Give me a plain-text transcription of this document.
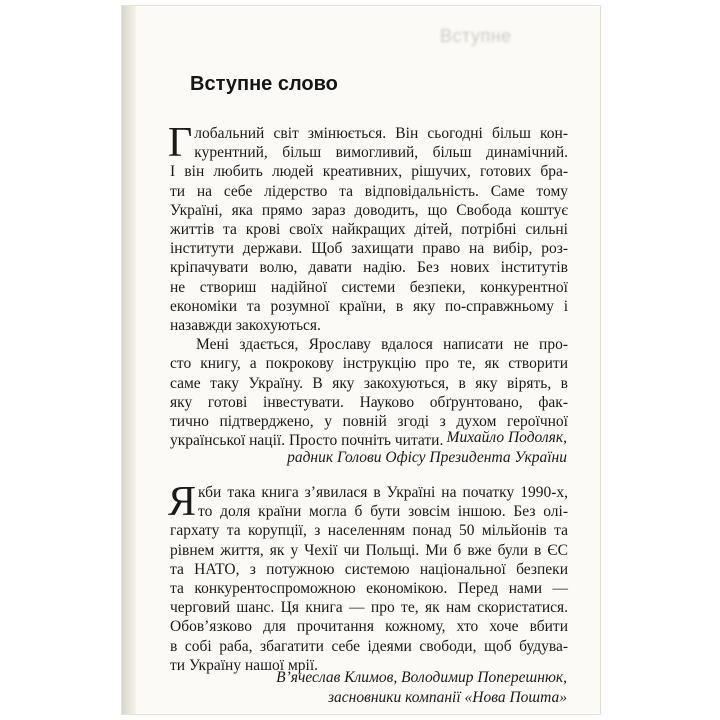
Вступне
Вступне слово
Г лобальний світ змінюється. Він сьогодні більш кон-
курентний, більш вимогливий, більш динамічний.
І він любить людей креативних, рішучих, готових бра-
ти на себе лідерство та відповідальність. Саме тому
Україні, яка прямо зараз доводить, що Свобода коштує
життів та крові своїх найкращих дітей, потрібні сильні
інститути держави. Щоб захищати право на вибір, роз-
кріпачувати волю, давати надію. Без нових інститутів
не створиш надійної системи безпеки, конкурентної
економіки та розумної країни, в яку по-справжньому і
назавжди закохуються.
Мені здається, Ярославу вдалося написати не про-
сто книгу, а покрокову інструкцію про те, як створити
саме таку Україну. В яку закохуються, в яку вірять, в
яку готові інвестувати. Науково обґрунтовано, фак-
тично підтверджено, у повній згоді з духом героїчної
української нації. Просто почніть читати. Михайло Подоляк,
радник Голови Офісу Президента України
Я кби така книга з’явилася в Україні на початку 1990-х,
то доля країни могла б бути зовсім іншою. Без олі-
гархату та корупції, з населенням понад 50 мільйонів та
рівнем життя, як у Чехії чи Польщі. Ми б вже були в ЄС
та НАТО, з потужною системою національної безпеки
та конкурентоспроможною економікою. Перед нами —
черговий шанс. Ця книга — про те, як нам скористатися.
Обов’язково для прочитання кожному, хто хоче вбити
в собі раба, збагатити себе ідеями свободи, щоб будува-
ти Україну нашої мрії.
В’ячеслав Климов, Володимир Поперешнюк,
засновники компанії «Нова Пошта»
